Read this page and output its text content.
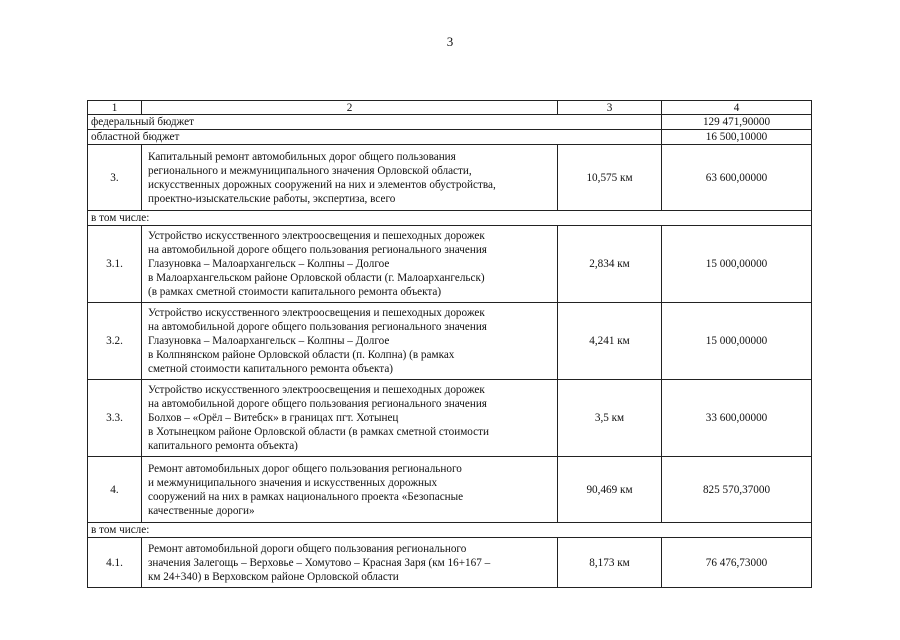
3
1	2	3	4
федеральный бюджет			129 471,90000
областной бюджет			16 500,10000
3.	Капитальный ремонт автомобильных дорог общего пользования
регионального и межмуниципального значения Орловской области,
искусственных дорожных сооружений на них и элементов обустройства,
проектно-изыскательские работы, экспертиза, всего	10,575 км	63 600,00000
в том числе:			
3.1.	Устройство искусственного электроосвещения и пешеходных дорожек
на автомобильной дороге общего пользования регионального значения
Глазуновка – Малоархангельск – Колпны – Долгое
в Малоархангельском районе Орловской области (г. Малоархангельск)
(в рамках сметной стоимости капитального ремонта объекта)	2,834 км	15 000,00000
3.2.	Устройство искусственного электроосвещения и пешеходных дорожек
на автомобильной дороге общего пользования регионального значения
Глазуновка – Малоархангельск – Колпны – Долгое
в Колпнянском районе Орловской области (п. Колпна) (в рамках
сметной стоимости капитального ремонта объекта)	4,241 км	15 000,00000
3.3.	Устройство искусственного электроосвещения и пешеходных дорожек
на автомобильной дороге общего пользования регионального значения
Болхов – «Орёл – Витебск» в границах пгт. Хотынец
в Хотынецком районе Орловской области (в рамках сметной стоимости
капитального ремонта объекта)	3,5 км	33 600,00000
4.	Ремонт автомобильных дорог общего пользования регионального
и межмуниципального значения и искусственных дорожных
сооружений на них в рамках национального проекта «Безопасные
качественные дороги»	90,469 км	825 570,37000
в том числе:			
4.1.	Ремонт автомобильной дороги общего пользования регионального
значения Залегощь – Верховье – Хомутово – Красная Заря (км 16+167 –
км 24+340) в Верховском районе Орловской области	8,173 км	76 476,73000
